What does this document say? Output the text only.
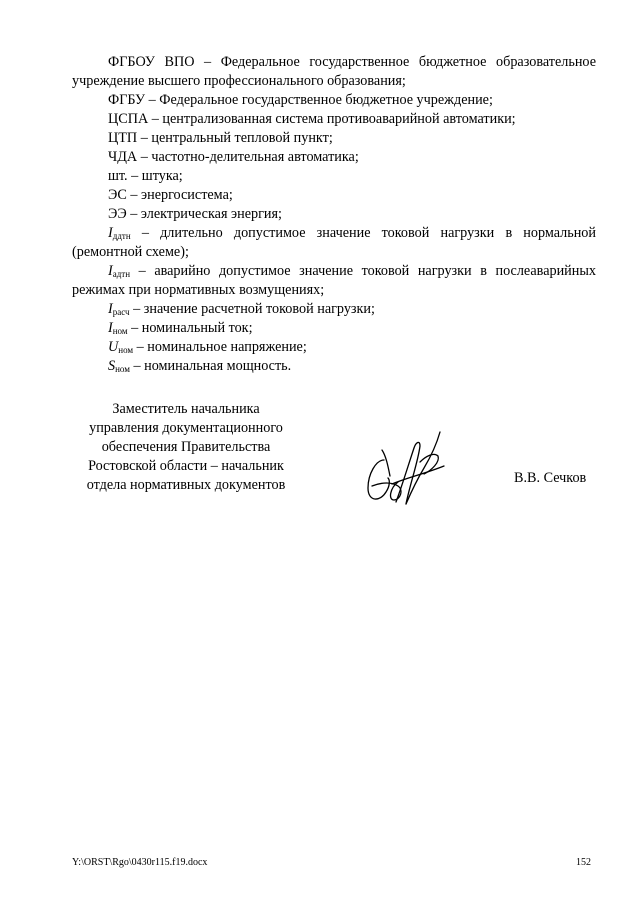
ФГБОУ ВПО – Федеральное государственное бюджетное образовательное
учреждение высшего профессионального образования;
ФГБУ – Федеральное государственное бюджетное учреждение;
ЦСПА – централизованная система противоаварийной автоматики;
ЦТП – центральный тепловой пункт;
ЧДА – частотно-делительная автоматика;
шт. – штука;
ЭС – энергосистема;
ЭЭ – электрическая энергия;
$I_{ддтн}$ – длительно допустимое значение токовой нагрузки в нормальной
(ремонтной схеме);
$I_{адтн}$ – аварийно допустимое значение токовой нагрузки в послеаварийных
режимах при нормативных возмущениях;
$I_{расч}$ – значение расчетной токовой нагрузки;
$I_{ном}$ – номинальный ток;
$U_{ном}$ – номинальное напряжение;
$S_{ном}$ – номинальная мощность.
Заместитель начальника
управления документационного
обеспечения Правительства
Ростовской области – начальник
отдела нормативных документов	В.В. Сечков
Y:\ORST\Rgo\0430r115.f19.docx	152
